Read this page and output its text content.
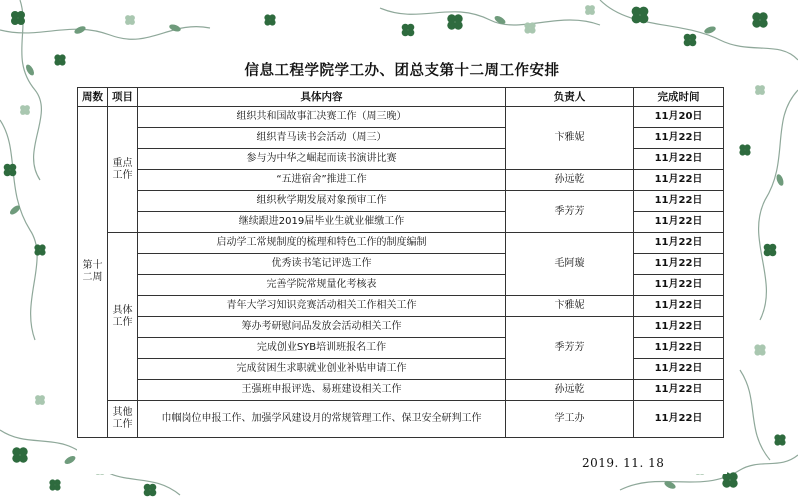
信息工程学院学工办、团总支第十二周工作安排
周数	项目	具体内容	负责人	完成时间
第十二周	重点工作	组织共和国故事汇决赛工作（周三晚）	卞雅妮	11月20日
		组织青马读书会活动（周三）		11月22日
		参与为中华之崛起而读书演讲比赛		11月22日
		“五进宿舍”推进工作	孙远乾	11月22日
		组织秋学期发展对象预审工作	季芳芳	11月22日
		继续跟进2019届毕业生就业催缴工作		11月22日
	具体工作	启动学工常规制度的梳理和特色工作的制度编制	毛阿璇	11月22日
		优秀读书笔记评选工作		11月22日
		完善学院常规量化考核表		11月22日
		青年大学习知识竞赛活动相关工作相关工作	卞雅妮	11月22日
		筹办考研慰问品发放会活动相关工作	季芳芳	11月22日
		完成创业SYB培训班报名工作		11月22日
		完成贫困生求职就业创业补贴申请工作		11月22日
		王强班申报评选、易班建设相关工作	孙远乾	11月22日
	其他工作	巾帼岗位申报工作、加强学风建设月的常规管理工作、保卫安全研判工作	学工办	11月22日
2019. 11. 18
